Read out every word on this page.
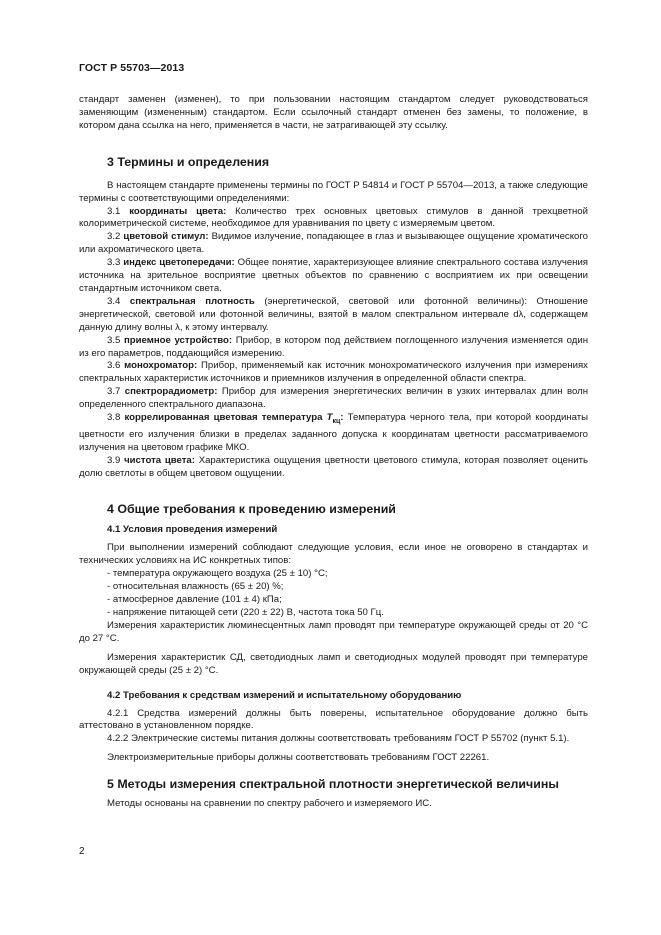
ГОСТ Р 55703—2013

стандарт заменен (изменен), то при пользовании настоящим стандартом следует руководствоваться заменяющим (измененным) стандартом. Если ссылочный стандарт отменен без замены, то положение, в котором дана ссылка на него, применяется в части, не затрагивающей эту ссылку.

3 Термины и определения

В настоящем стандарте применены термины по ГОСТ Р 54814 и ГОСТ Р 55704—2013, а также следующие термины с соответствующими определениями:

3.1 координаты цвета: Количество трех основных цветовых стимулов в данной трехцветной колориметрической системе, необходимое для уравнивания по цвету с измеряемым цветом.

3.2 цветовой стимул: Видимое излучение, попадающее в глаз и вызывающее ощущение хроматического или ахроматического цвета.

3.3 индекс цветопередачи: Общее понятие, характеризующее влияние спектрального состава излучения источника на зрительное восприятие цветных объектов по сравнению с восприятием их при освещении стандартным источником света.

3.4 спектральная плотность (энергетической, световой или фотонной величины): Отношение энергетической, световой или фотонной величины, взятой в малом спектральном интервале dλ, содержащем данную длину волны λ, к этому интервалу.

3.5 приемное устройство: Прибор, в котором под действием поглощенного излучения изменяется один из его параметров, поддающийся измерению.

3.6 монохроматор: Прибор, применяемый как источник монохроматического излучения при измерениях спектральных характеристик источников и приемников излучения в определенной области спектра.

3.7 спектрорадиометр: Прибор для измерения энергетических величин в узких интервалах длин волн определенного спектрального диапазона.

3.8 коррелированная цветовая температура $T_{кц}$: Температура черного тела, при которой координаты цветности его излучения близки в пределах заданного допуска к координатам цветности рассматриваемого излучения на цветовом графике МКО.

3.9 чистота цвета: Характеристика ощущения цветности цветового стимула, которая позволяет оценить долю светлоты в общем цветовом ощущении.

4 Общие требования к проведению измерений
4.1 Условия проведения измерений

При выполнении измерений соблюдают следующие условия, если иное не оговорено в стандартах и технических условиях на ИС конкретных типов:

- температура окружающего воздуха (25 ± 10) °С;

- относительная влажность (65 ± 20) %;

- атмосферное давление (101 ± 4) кПа;

- напряжение питающей сети (220 ± 22) В, частота тока 50 Гц.

Измерения характеристик люминесцентных ламп проводят при температуре окружающей среды от 20 °С до 27 °С.

Измерения характеристик СД, светодиодных ламп и светодиодных модулей проводят при температуре окружающей среды (25 ± 2) °С.

4.2 Требования к средствам измерений и испытательному оборудованию

4.2.1 Средства измерений должны быть поверены, испытательное оборудование должно быть аттестовано в установленном порядке.

4.2.2 Электрические системы питания должны соответствовать требованиям ГОСТ Р 55702 (пункт 5.1).

Электроизмерительные приборы должны соответствовать требованиям ГОСТ 22261.

5 Методы измерения спектральной плотности энергетической величины

Методы основаны на сравнении по спектру рабочего и измеряемого ИС.

2
